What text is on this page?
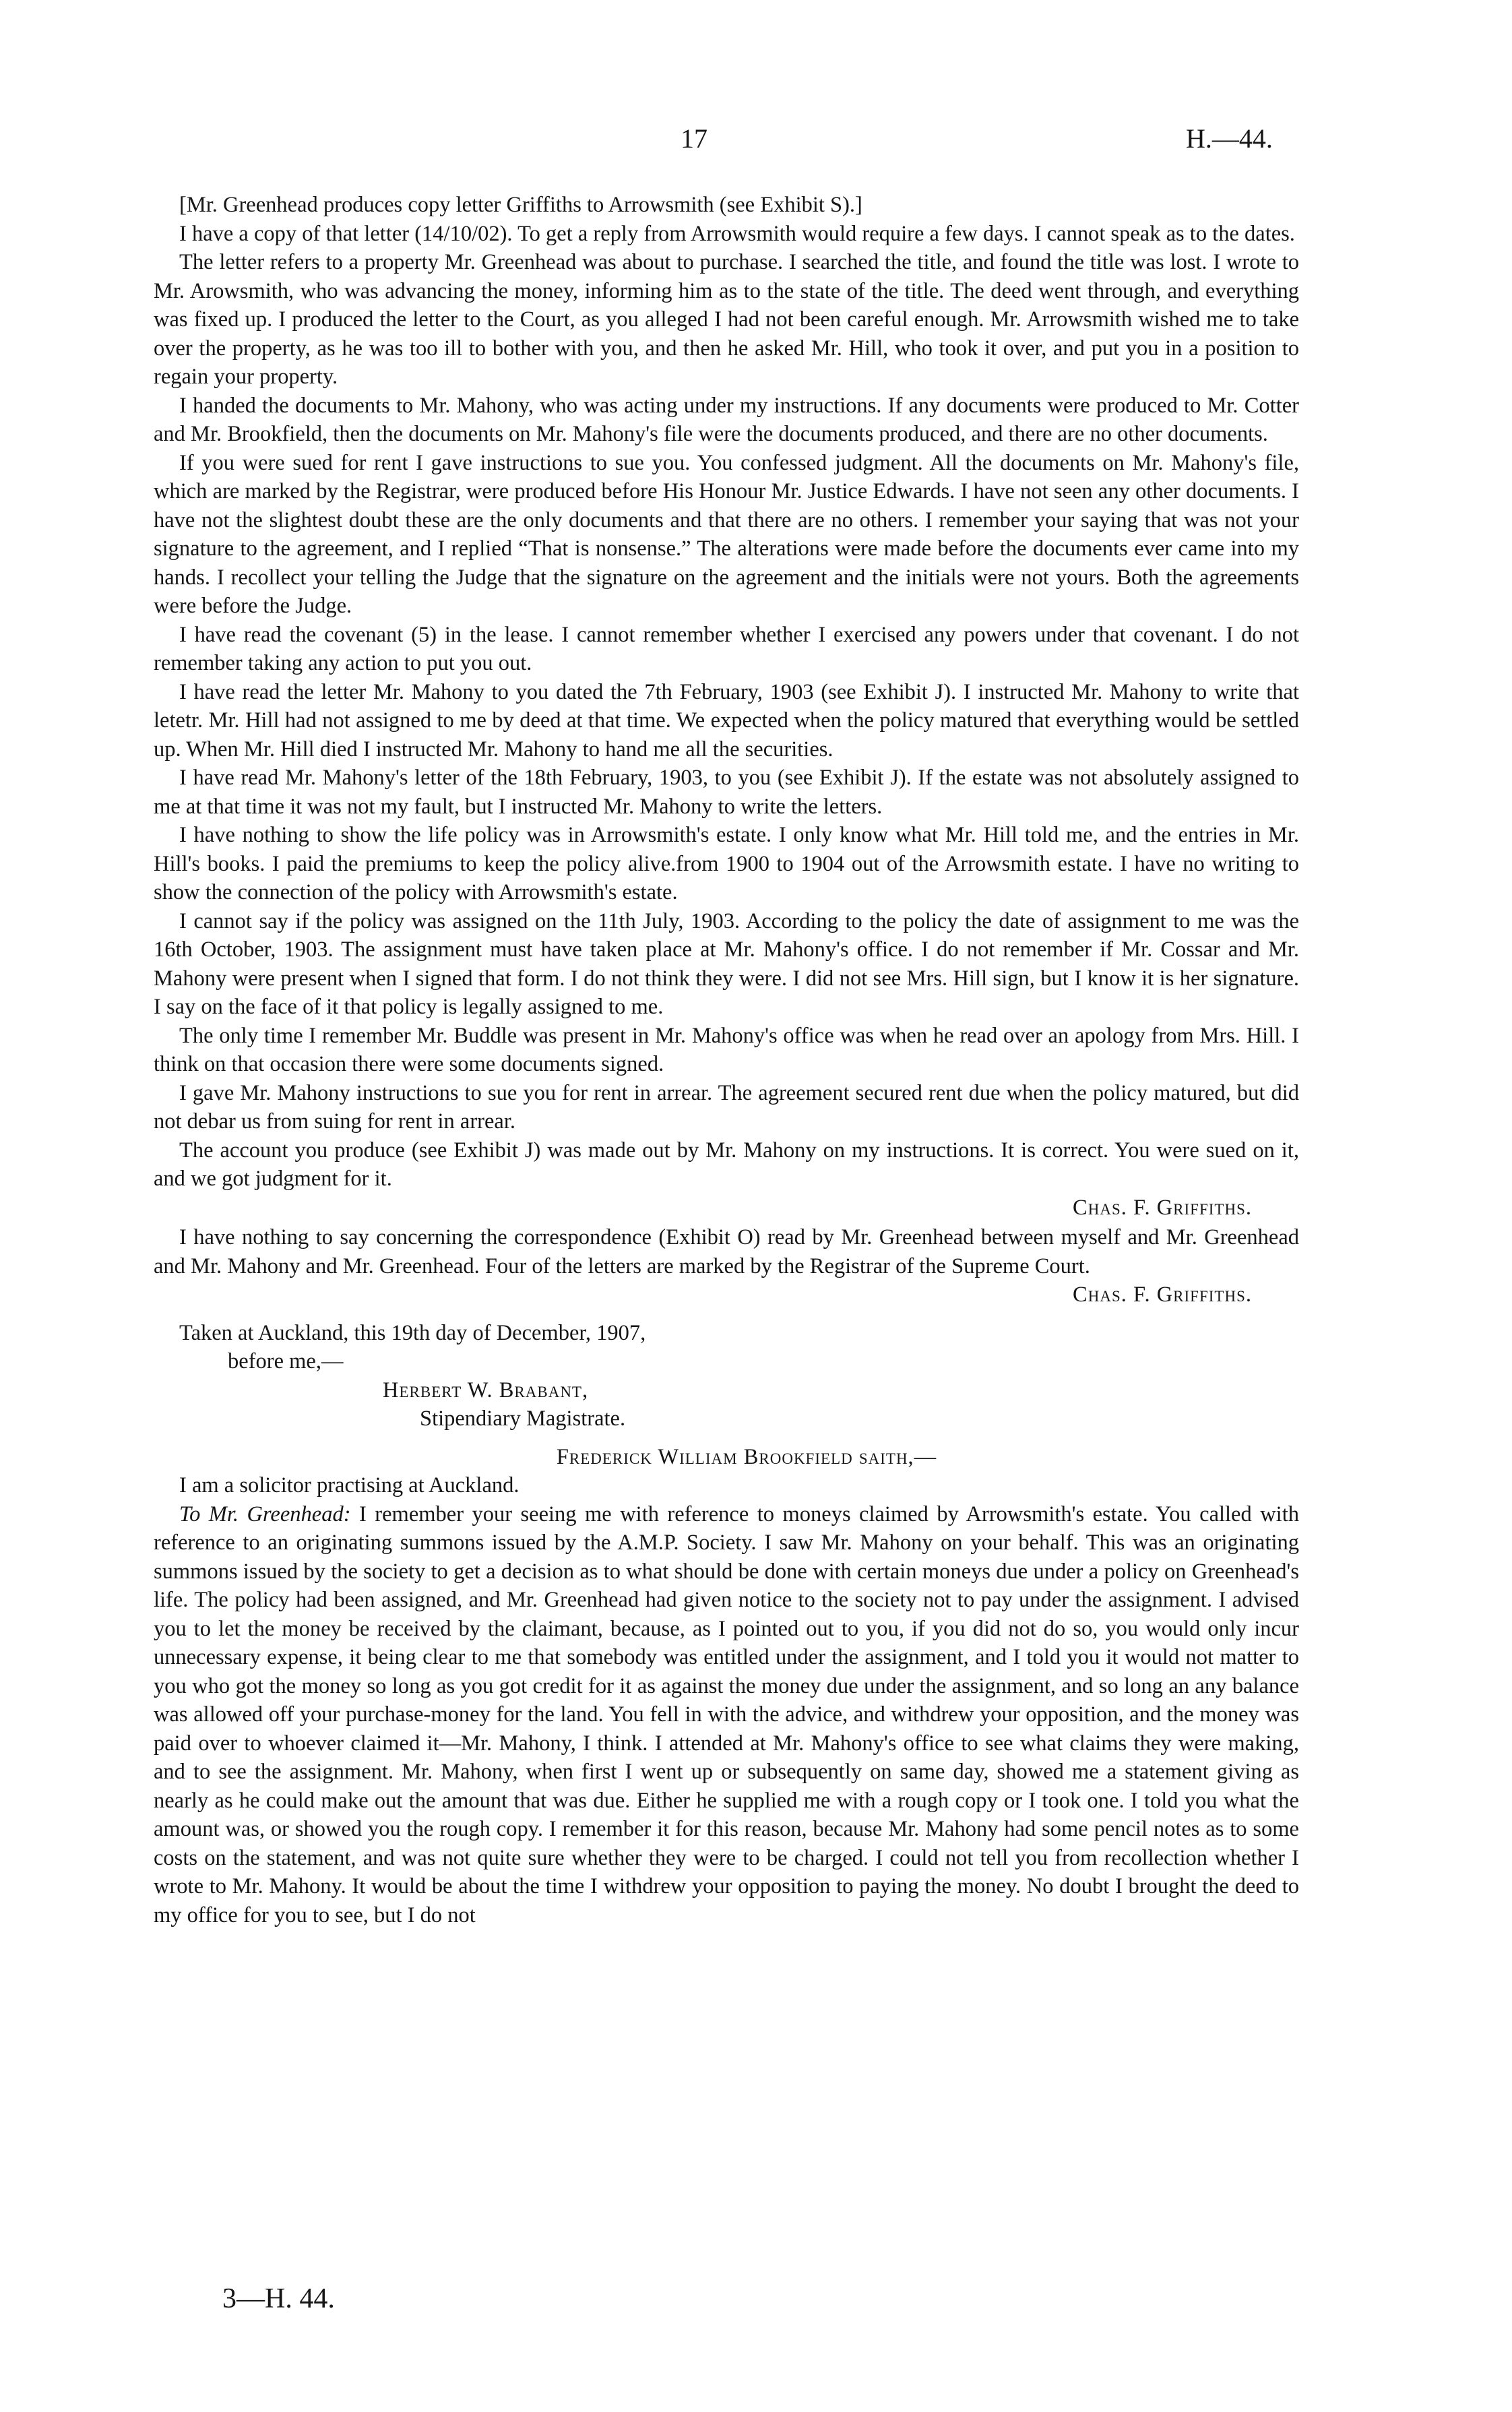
17	H.—44.

[Mr. Greenhead produces copy letter Griffiths to Arrowsmith (see Exhibit S).]

I have a copy of that letter (14/10/02). To get a reply from Arrowsmith would require a few days. I cannot speak as to the dates.

The letter refers to a property Mr. Greenhead was about to purchase. I searched the title, and found the title was lost. I wrote to Mr. Arowsmith, who was advancing the money, informing him as to the state of the title. The deed went through, and everything was fixed up. I produced the letter to the Court, as you alleged I had not been careful enough. Mr. Arrowsmith wished me to take over the property, as he was too ill to bother with you, and then he asked Mr. Hill, who took it over, and put you in a position to regain your property.

I handed the documents to Mr. Mahony, who was acting under my instructions. If any documents were produced to Mr. Cotter and Mr. Brookfield, then the documents on Mr. Mahony's file were the documents produced, and there are no other documents.

If you were sued for rent I gave instructions to sue you. You confessed judgment. All the documents on Mr. Mahony's file, which are marked by the Registrar, were produced before His Honour Mr. Justice Edwards. I have not seen any other documents. I have not the slightest doubt these are the only documents and that there are no others. I remember your saying that was not your signature to the agreement, and I replied “That is nonsense.” The alterations were made before the documents ever came into my hands. I recollect your telling the Judge that the signature on the agreement and the initials were not yours. Both the agreements were before the Judge.

I have read the covenant (5) in the lease. I cannot remember whether I exercised any powers under that covenant. I do not remember taking any action to put you out.

I have read the letter Mr. Mahony to you dated the 7th February, 1903 (see Exhibit J). I instructed Mr. Mahony to write that letetr. Mr. Hill had not assigned to me by deed at that time. We expected when the policy matured that everything would be settled up. When Mr. Hill died I instructed Mr. Mahony to hand me all the securities.

I have read Mr. Mahony's letter of the 18th February, 1903, to you (see Exhibit J). If the estate was not absolutely assigned to me at that time it was not my fault, but I instructed Mr. Mahony to write the letters.

I have nothing to show the life policy was in Arrowsmith's estate. I only know what Mr. Hill told me, and the entries in Mr. Hill's books. I paid the premiums to keep the policy alive.from 1900 to 1904 out of the Arrowsmith estate. I have no writing to show the connection of the policy with Arrowsmith's estate.

I cannot say if the policy was assigned on the 11th July, 1903. According to the policy the date of assignment to me was the 16th October, 1903. The assignment must have taken place at Mr. Mahony's office. I do not remember if Mr. Cossar and Mr. Mahony were present when I signed that form. I do not think they were. I did not see Mrs. Hill sign, but I know it is her signature. I say on the face of it that policy is legally assigned to me.

The only time I remember Mr. Buddle was present in Mr. Mahony's office was when he read over an apology from Mrs. Hill. I think on that occasion there were some documents signed.

I gave Mr. Mahony instructions to sue you for rent in arrear. The agreement secured rent due when the policy matured, but did not debar us from suing for rent in arrear.

The account you produce (see Exhibit J) was made out by Mr. Mahony on my instructions. It is correct. You were sued on it, and we got judgment for it.

Chas. F. Griffiths.

I have nothing to say concerning the correspondence (Exhibit O) read by Mr. Greenhead between myself and Mr. Greenhead and Mr. Mahony and Mr. Greenhead. Four of the letters are marked by the Registrar of the Supreme Court.

Chas. F. Griffiths.

Taken at Auckland, this 19th day of December, 1907,

before me,—

Herbert W. Brabant,

Stipendiary Magistrate.

Frederick William Brookfield saith,—

I am a solicitor practising at Auckland.

To Mr. Greenhead: I remember your seeing me with reference to moneys claimed by Arrowsmith's estate. You called with reference to an originating summons issued by the A.M.P. Society. I saw Mr. Mahony on your behalf. This was an originating summons issued by the society to get a decision as to what should be done with certain moneys due under a policy on Greenhead's life. The policy had been assigned, and Mr. Greenhead had given notice to the society not to pay under the assignment. I advised you to let the money be received by the claimant, because, as I pointed out to you, if you did not do so, you would only incur unnecessary expense, it being clear to me that somebody was entitled under the assignment, and I told you it would not matter to you who got the money so long as you got credit for it as against the money due under the assignment, and so long an any balance was allowed off your purchase-money for the land. You fell in with the advice, and withdrew your opposition, and the money was paid over to whoever claimed it—Mr. Mahony, I think. I attended at Mr. Mahony's office to see what claims they were making, and to see the assignment. Mr. Mahony, when first I went up or subsequently on same day, showed me a statement giving as nearly as he could make out the amount that was due. Either he supplied me with a rough copy or I took one. I told you what the amount was, or showed you the rough copy. I remember it for this reason, because Mr. Mahony had some pencil notes as to some costs on the statement, and was not quite sure whether they were to be charged. I could not tell you from recollection whether I wrote to Mr. Mahony. It would be about the time I withdrew your opposition to paying the money. No doubt I brought the deed to my office for you to see, but I do not

3—H. 44.
